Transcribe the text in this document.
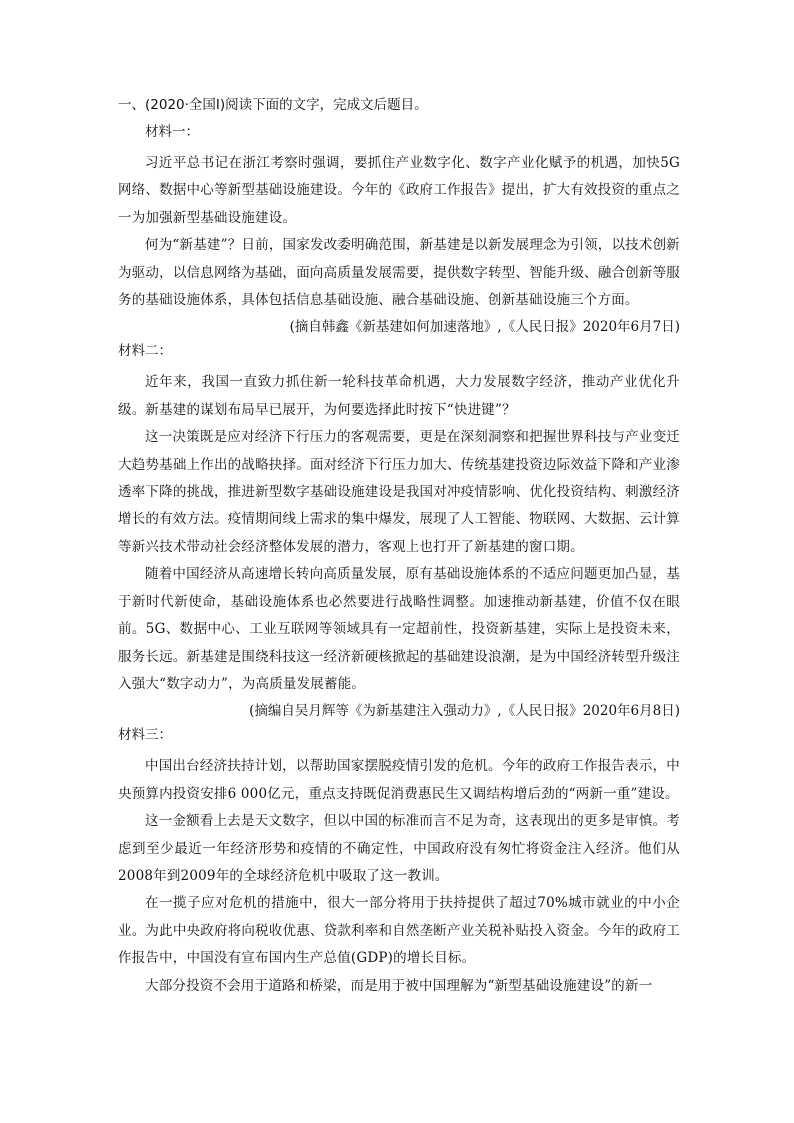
一、(2020·全国Ⅰ)阅读下面的文字，完成文后题目。

材料一：

习近平总书记在浙江考察时强调，要抓住产业数字化、数字产业化赋予的机遇，加快5G网络、数据中心等新型基础设施建设。今年的《政府工作报告》提出，扩大有效投资的重点之一为加强新型基础设施建设。

何为“新基建”？日前，国家发改委明确范围，新基建是以新发展理念为引领，以技术创新为驱动，以信息网络为基础，面向高质量发展需要，提供数字转型、智能升级、融合创新等服务的基础设施体系，具体包括信息基础设施、融合基础设施、创新基础设施三个方面。

(摘自韩鑫《新基建如何加速落地》,《人民日报》2020年6月7日)

材料二：

近年来，我国一直致力抓住新一轮科技革命机遇，大力发展数字经济，推动产业优化升级。新基建的谋划布局早已展开，为何要选择此时按下“快进键”？

这一决策既是应对经济下行压力的客观需要，更是在深刻洞察和把握世界科技与产业变迁大趋势基础上作出的战略抉择。面对经济下行压力加大、传统基建投资边际效益下降和产业渗透率下降的挑战，推进新型数字基础设施建设是我国对冲疫情影响、优化投资结构、刺激经济增长的有效方法。疫情期间线上需求的集中爆发，展现了人工智能、物联网、大数据、云计算等新兴技术带动社会经济整体发展的潜力，客观上也打开了新基建的窗口期。

随着中国经济从高速增长转向高质量发展，原有基础设施体系的不适应问题更加凸显，基于新时代新使命，基础设施体系也必然要进行战略性调整。加速推动新基建，价值不仅在眼前。5G、数据中心、工业互联网等领域具有一定超前性，投资新基建，实际上是投资未来，服务长远。新基建是围绕科技这一经济新硬核掀起的基础建设浪潮，是为中国经济转型升级注入强大“数字动力”，为高质量发展蓄能。

(摘编自吴月辉等《为新基建注入强动力》,《人民日报》2020年6月8日)

材料三：

中国出台经济扶持计划，以帮助国家摆脱疫情引发的危机。今年的政府工作报告表示，中央预算内投资安排6 000亿元，重点支持既促消费惠民生又调结构增后劲的“两新一重”建设。

这一金额看上去是天文数字，但以中国的标准而言不足为奇，这表现出的更多是审慎。考虑到至少最近一年经济形势和疫情的不确定性，中国政府没有匆忙将资金注入经济。他们从2008年到2009年的全球经济危机中吸取了这一教训。

在一揽子应对危机的措施中，很大一部分将用于扶持提供了超过70%城市就业的中小企业。为此中央政府将向税收优惠、贷款利率和自然垄断产业关税补贴投入资金。今年的政府工作报告中，中国没有宣布国内生产总值(GDP)的增长目标。

大部分投资不会用于道路和桥梁，而是用于被中国理解为“新型基础设施建设”的新一
